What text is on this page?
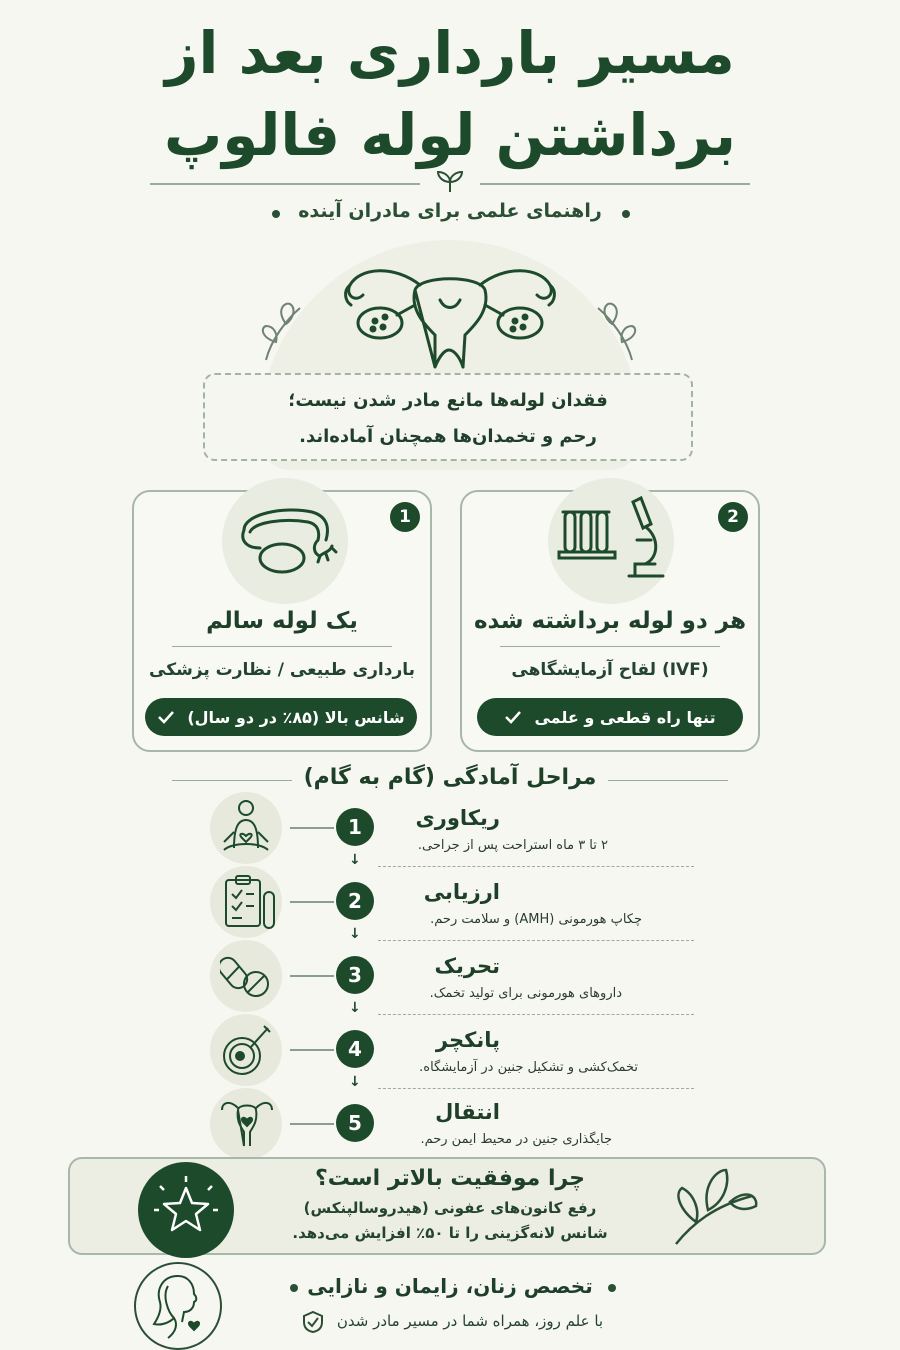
مسیر بارداری بعد از
برداشتن لوله فالوپ
راهنمای علمی برای مادران آینده
فقدان لوله‌ها مانع مادر شدن نیست؛
رحم و تخمدان‌ها همچنان آماده‌اند.
2
هر دو لوله برداشته شده
لقاح آزمایشگاهی (IVF)
تنها راه قطعی و علمی
1
یک لوله سالم
بارداری طبیعی / نظارت پزشکی
شانس بالا (۸۵٪ در دو سال)
مراحل آمادگی (گام به گام)
1	ریکاوری
۲ تا ۳ ماه استراحت پس از جراحی.
↓
2	ارزیابی
چکاپ هورمونی (AMH) و سلامت رحم.
↓
3	تحریک
داروهای هورمونی برای تولید تخمک.
↓
4	پانکچر
تخمک‌کشی و تشکیل جنین در آزمایشگاه.
↓
5	انتقال
جایگذاری جنین در محیط ایمن رحم.
چرا موفقیت بالاتر است؟
رفع کانون‌های عفونی (هیدروسالپنکس)
شانس لانه‌گزینی را تا ۵۰٪ افزایش می‌دهد.
تخصص زنان، زایمان و نازایی
با علم روز، همراه شما در مسیر مادر شدن
